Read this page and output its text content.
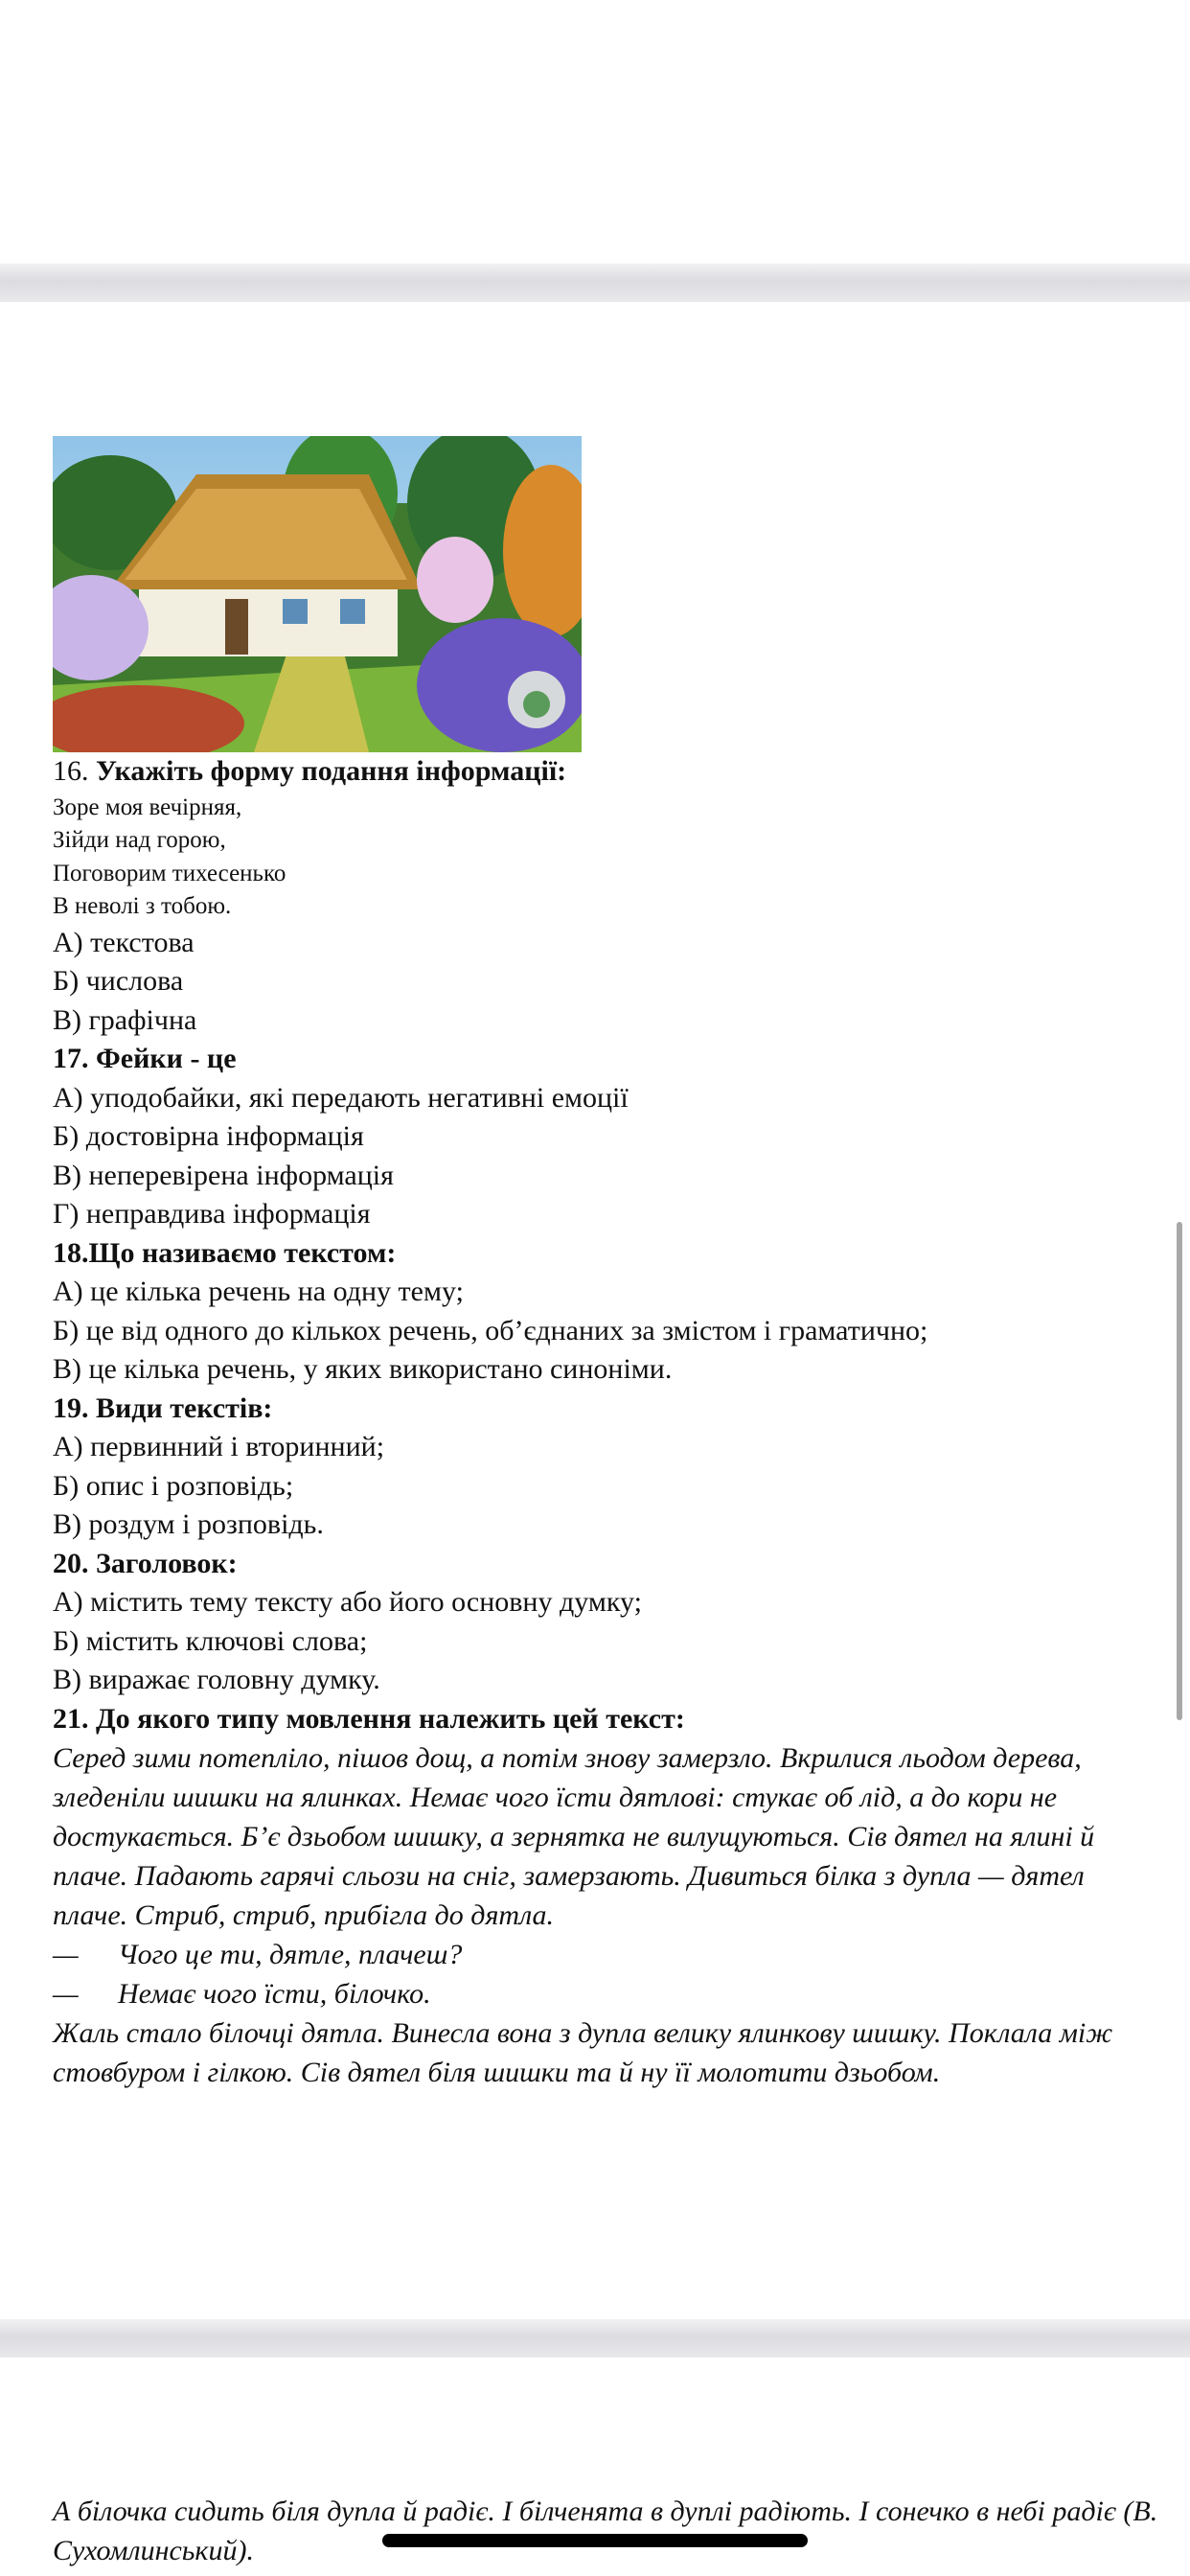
16. Укажіть форму подання інформації:
Зоре моя вечірняя,
Зійди над горою,
Поговорим тихесенько
В неволі з тобою.
А) текстова
Б) числова
В) графічна
17. Фейки - це
А) уподобайки, які передають негативні емоції
Б) достовірна інформація
В) неперевірена інформація
Г) неправдива інформація
18.Що називаємо текстом:
А) це кілька речень на одну тему;
Б) це від одного до кількох речень, об’єднаних за змістом і граматично;
В) це кілька речень, у яких використано синоніми.
19. Види текстів:
А) первинний і вторинний;
Б) опис і розповідь;
В) роздум і розповідь.
20. Заголовок:
А) містить тему тексту або його основну думку;
Б) містить ключові слова;
В) виражає головну думку.
21. До якого типу мовлення належить цей текст:
Серед зими потепліло, пішов дощ, а потім знову замерзло. Вкрилися льодом дерева, зледеніли шишки на ялинках. Немає чого їсти дятлові: стукає об лід, а до кори не достукається. Б’є дзьобом шишку, а зернятка не вилущуються. Сів дятел на ялині й плаче. Падають гарячі сльози на сніг, замерзають. Дивиться білка з дупла — дятел плаче. Стриб, стриб, прибігла до дятла.
— Чого це ти, дятле, плачеш?
— Немає чого їсти, білочко.
Жаль стало білочці дятла. Винесла вона з дупла велику ялинкову шишку. Поклала між стовбуром і гілкою. Сів дятел біля шишки та й ну її молотити дзьобом.
А білочка сидить біля дупла й радіє. І білченята в дуплі радіють. І сонечко в небі радіє (В. Сухомлинський).
